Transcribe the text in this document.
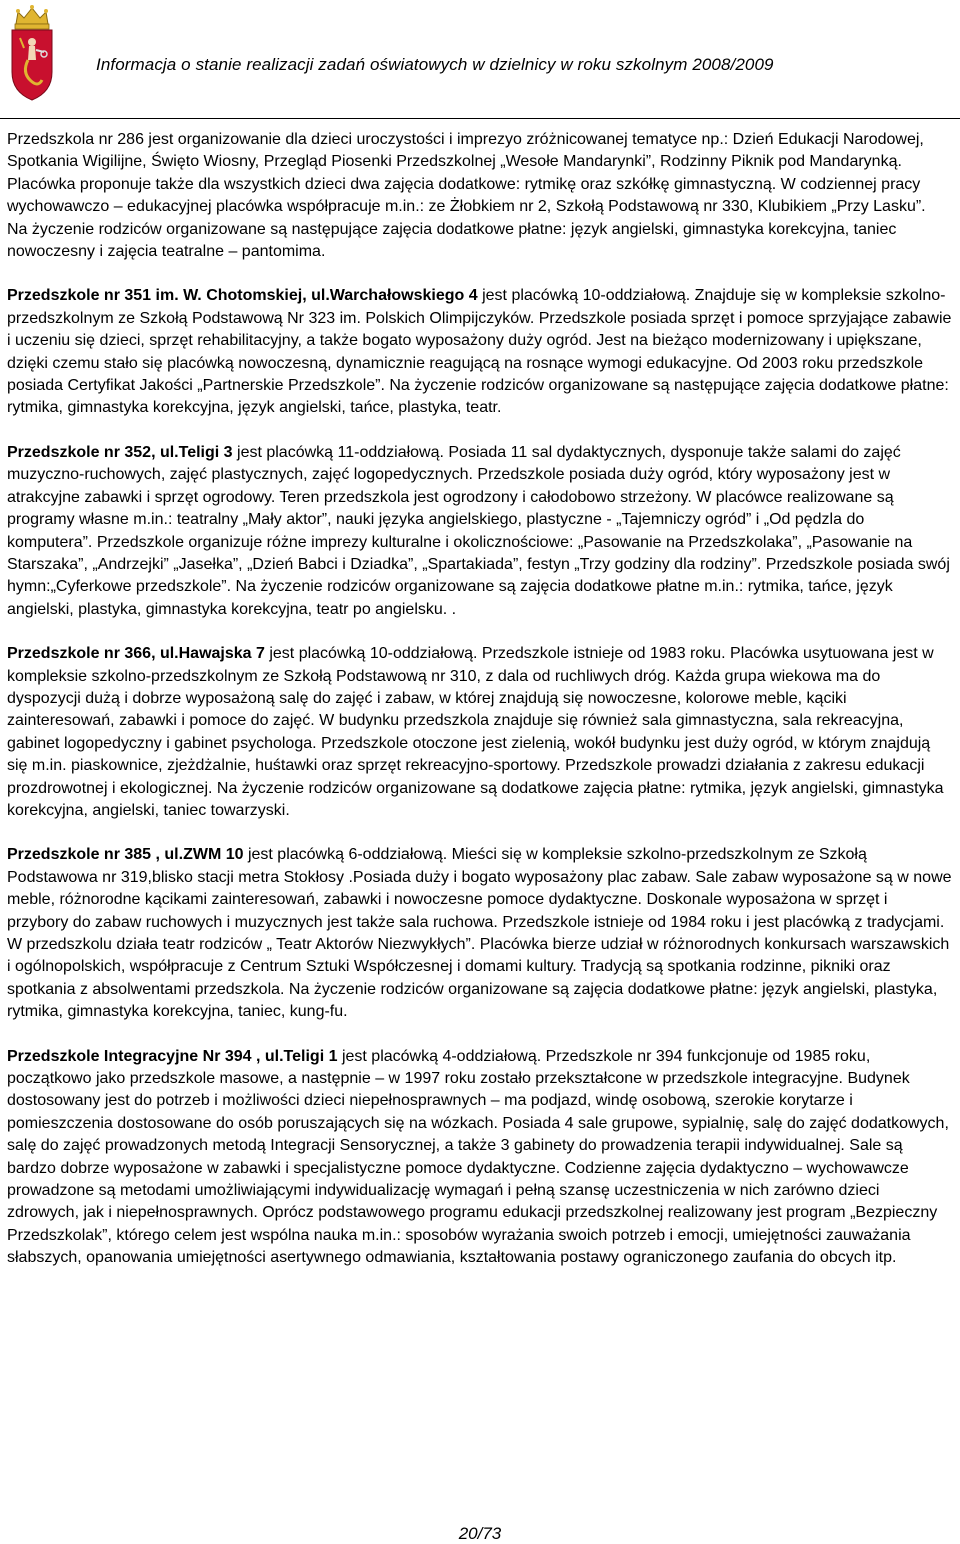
Informacja o stanie realizacji zadań oświatowych w dzielnicy w roku szkolnym 2008/2009

Przedszkola nr 286 jest organizowanie dla dzieci uroczystości i imprezyo zróżnicowanej tematyce np.: Dzień Edukacji Narodowej, Spotkania Wigilijne, Święto Wiosny, Przegląd Piosenki Przedszkolnej „Wesołe Mandarynki”, Rodzinny Piknik pod Mandarynką. Placówka proponuje także dla wszystkich dzieci dwa zajęcia dodatkowe: rytmikę oraz szkółkę gimnastyczną. W codziennej pracy wychowawczo – edukacyjnej placówka współpracuje m.in.: ze Żłobkiem nr 2, Szkołą Podstawową nr 330, Klubikiem „Przy Lasku”.

Na życzenie rodziców organizowane są następujące zajęcia dodatkowe płatne: język angielski, gimnastyka korekcyjna, taniec nowoczesny i zajęcia teatralne – pantomima.

Przedszkole nr 351 im. W. Chotomskiej, ul.Warchałowskiego 4 jest placówką 10-oddziałową. Znajduje się w kompleksie szkolno- przedszkolnym ze Szkołą Podstawową Nr 323 im. Polskich Olimpijczyków. Przedszkole posiada sprzęt i pomoce sprzyjające zabawie i uczeniu się dzieci, sprzęt rehabilitacyjny, a także bogato wyposażony duży ogród. Jest na bieżąco modernizowany i upiększane, dzięki czemu stało się placówką nowoczesną, dynamicznie reagującą na rosnące wymogi edukacyjne. Od 2003 roku przedszkole posiada Certyfikat Jakości „Partnerskie Przedszkole”. Na życzenie rodziców organizowane są następujące zajęcia dodatkowe płatne: rytmika, gimnastyka korekcyjna, język angielski, tańce, plastyka, teatr.

Przedszkole nr 352, ul.Teligi 3 jest placówką 11-oddziałową. Posiada 11 sal dydaktycznych, dysponuje także salami do zajęć muzyczno-ruchowych, zajęć plastycznych, zajęć logopedycznych. Przedszkole posiada duży ogród, który wyposażony jest w atrakcyjne zabawki i sprzęt ogrodowy. Teren przedszkola jest ogrodzony i całodobowo strzeżony. W placówce realizowane są programy własne m.in.: teatralny „Mały aktor”, nauki języka angielskiego, plastyczne - „Tajemniczy ogród” i „Od pędzla do komputera”. Przedszkole organizuje różne imprezy kulturalne i okolicznościowe: „Pasowanie na Przedszkolaka”, „Pasowanie na Starszaka”, „Andrzejki” „Jasełka”, „Dzień Babci i Dziadka”, „Spartakiada”, festyn „Trzy godziny dla rodziny”. Przedszkole posiada swój hymn:„Cyferkowe przedszkole”. Na życzenie rodziców organizowane są zajęcia dodatkowe płatne m.in.: rytmika, tańce, język angielski, plastyka, gimnastyka korekcyjna, teatr po angielsku. .

Przedszkole nr 366, ul.Hawajska 7 jest placówką 10-oddziałową. Przedszkole istnieje od 1983 roku. Placówka usytuowana jest w kompleksie szkolno-przedszkolnym ze Szkołą Podstawową nr 310, z dala od ruchliwych dróg. Każda grupa wiekowa ma do dyspozycji dużą i dobrze wyposażoną salę do zajęć i zabaw, w której znajdują się nowoczesne, kolorowe meble, kąciki zainteresowań, zabawki i pomoce do zajęć. W budynku przedszkola znajduje się również sala gimnastyczna, sala rekreacyjna, gabinet logopedyczny i gabinet psychologa. Przedszkole otoczone jest zielenią, wokół budynku jest duży ogród, w którym znajdują się m.in. piaskownice, zjeżdżalnie, huśtawki oraz sprzęt rekreacyjno-sportowy. Przedszkole prowadzi działania z zakresu edukacji prozdrowotnej i ekologicznej. Na życzenie rodziców organizowane są dodatkowe zajęcia płatne: rytmika, język angielski, gimnastyka korekcyjna, angielski, taniec towarzyski.

Przedszkole nr 385 , ul.ZWM 10 jest placówką 6-oddziałową. Mieści się w kompleksie szkolno-przedszkolnym ze Szkołą Podstawowa nr 319,blisko stacji metra Stokłosy .Posiada duży i bogato wyposażony plac zabaw. Sale zabaw wyposażone są w nowe meble, różnorodne kącikami zainteresowań, zabawki i nowoczesne pomoce dydaktyczne. Doskonale wyposażona w sprzęt i przybory do zabaw ruchowych i muzycznych jest także sala ruchowa. Przedszkole istnieje od 1984 roku i jest placówką z tradycjami. W przedszkolu działa teatr rodziców „ Teatr Aktorów Niezwykłych”. Placówka bierze udział w różnorodnych konkursach warszawskich i ogólnopolskich, współpracuje z Centrum Sztuki Współczesnej i domami kultury. Tradycją są spotkania rodzinne, pikniki oraz spotkania z absolwentami przedszkola. Na życzenie rodziców organizowane są zajęcia dodatkowe płatne: język angielski, plastyka, rytmika, gimnastyka korekcyjna, taniec, kung-fu.

Przedszkole Integracyjne Nr 394 , ul.Teligi 1 jest placówką 4-oddziałową. Przedszkole nr 394 funkcjonuje od 1985 roku, początkowo jako przedszkole masowe, a następnie – w 1997 roku zostało przekształcone w przedszkole integracyjne. Budynek dostosowany jest do potrzeb i możliwości dzieci niepełnosprawnych – ma podjazd, windę osobową, szerokie korytarze i pomieszczenia dostosowane do osób poruszających się na wózkach. Posiada 4 sale grupowe, sypialnię, salę do zajęć dodatkowych, salę do zajęć prowadzonych metodą Integracji Sensorycznej, a także 3 gabinety do prowadzenia terapii indywidualnej. Sale są bardzo dobrze wyposażone w zabawki i specjalistyczne pomoce dydaktyczne. Codzienne zajęcia dydaktyczno – wychowawcze prowadzone są metodami umożliwiającymi indywidualizację wymagań i pełną szansę uczestniczenia w nich zarówno dzieci zdrowych, jak i niepełnosprawnych. Oprócz podstawowego programu edukacji przedszkolnej realizowany jest program „Bezpieczny Przedszkolak”, którego celem jest wspólna nauka m.in.: sposobów wyrażania swoich potrzeb i emocji, umiejętności zauważania słabszych, opanowania umiejętności asertywnego odmawiania, kształtowania postawy ograniczonego zaufania do obcych itp.

20/73
